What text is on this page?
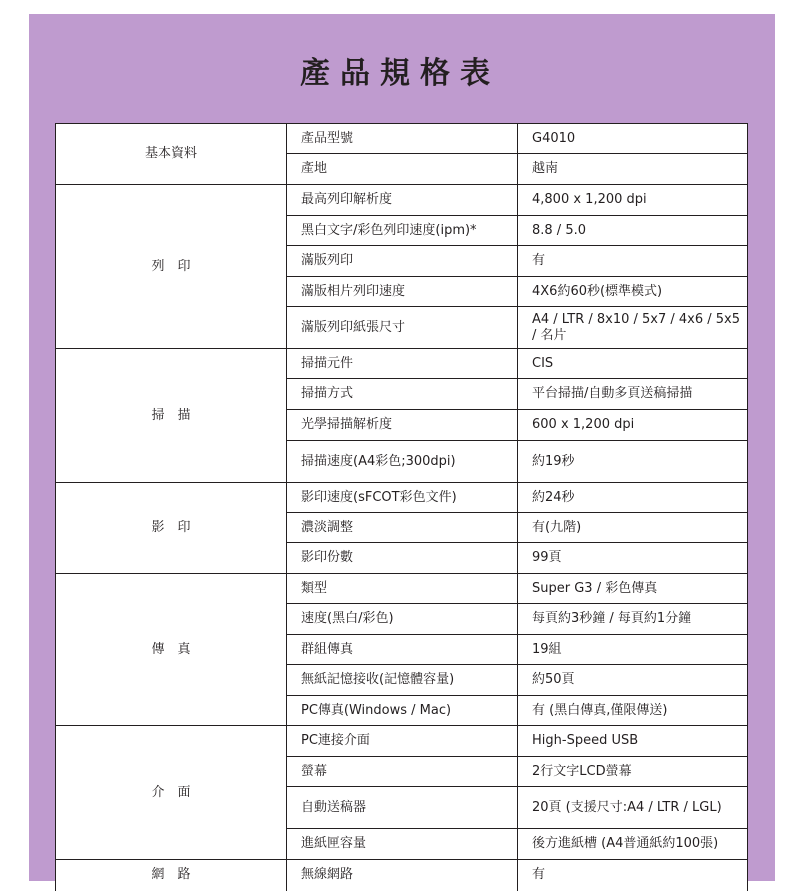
產品規格表
基本資料	產品型號	G4010
	產地	越南
列　印	最高列印解析度	4,800 x 1,200 dpi
	黑白文字/彩色列印速度(ipm)*	8.8 / 5.0
	滿版列印	有
	滿版相片列印速度	4X6約60秒(標準模式)
	滿版列印紙張尺寸	A4 / LTR / 8x10 / 5x7 / 4x6 / 5x5 / 名片
掃　描	掃描元件	CIS
	掃描方式	平台掃描/自動多頁送稿掃描
	光學掃描解析度	600 x 1,200 dpi
	掃描速度(A4彩色;300dpi)	約19秒
影　印	影印速度(sFCOT彩色文件)	約24秒
	濃淡調整	有(九階)
	影印份數	99頁
傳　真	類型	Super G3 / 彩色傳真
	速度(黑白/彩色)	每頁約3秒鐘 / 每頁約1分鐘
	群組傳真	19組
	無紙記憶接收(記憶體容量)	約50頁
	PC傳真(Windows / Mac)	有 (黑白傳真,僅限傳送)
介　面	PC連接介面	High-Speed USB
	螢幕	2行文字LCD螢幕
	自動送稿器	20頁 (支援尺寸:A4 / LTR / LGL)
	進紙匣容量	後方進紙槽 (A4普通紙約100張)
網　路	無線網路	有
